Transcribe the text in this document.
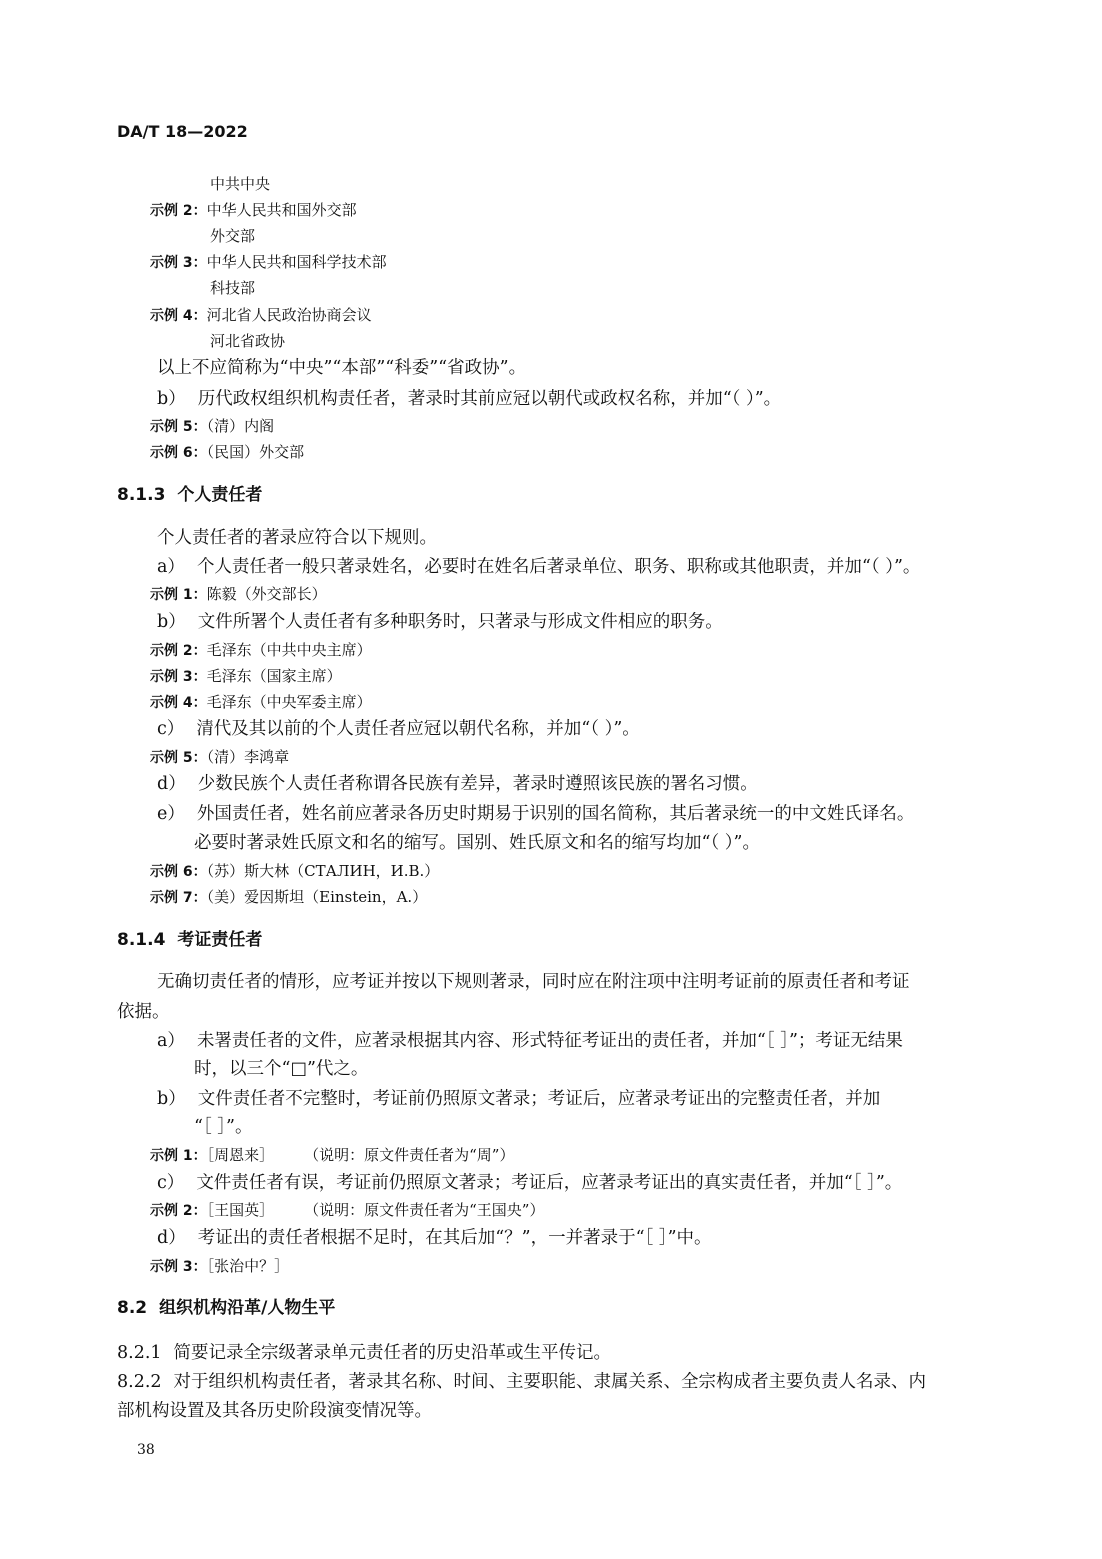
DA/T 18—2022
中共中央
示例 2：中华人民共和国外交部
外交部
示例 3：中华人民共和国科学技术部
科技部
示例 4：河北省人民政治协商会议
河北省政协
以上不应简称为“中央”“本部”“科委”“省政协”。
b） 历代政权组织机构责任者，著录时其前应冠以朝代或政权名称，并加“（ ）”。
示例 5：（清）内阁
示例 6：（民国）外交部
8.1.3 个人责任者
个人责任者的著录应符合以下规则。
a） 个人责任者一般只著录姓名，必要时在姓名后著录单位、职务、职称或其他职责，并加“（ ）”。
示例 1：陈毅（外交部长）
b） 文件所署个人责任者有多种职务时，只著录与形成文件相应的职务。
示例 2：毛泽东（中共中央主席）
示例 3：毛泽东（国家主席）
示例 4：毛泽东（中央军委主席）
c） 清代及其以前的个人责任者应冠以朝代名称，并加“（ ）”。
示例 5：（清）李鸿章
d） 少数民族个人责任者称谓各民族有差异，著录时遵照该民族的署名习惯。
e） 外国责任者，姓名前应著录各历史时期易于识别的国名简称，其后著录统一的中文姓氏译名。
必要时著录姓氏原文和名的缩写。国别、姓氏原文和名的缩写均加“（ ）”。
示例 6：（苏）斯大林（СТАЛИН，И.В.）
示例 7：（美）爱因斯坦（Einstein，A.）
8.1.4 考证责任者
无确切责任者的情形，应考证并按以下规则著录，同时应在附注项中注明考证前的原责任者和考证
依据。
a） 未署责任者的文件，应著录根据其内容、形式特征考证出的责任者，并加“［ ］”；考证无结果
时，以三个“□”代之。
b） 文件责任者不完整时，考证前仍照原文著录；考证后，应著录考证出的完整责任者，并加
“［ ］”。
示例 1：［周恩来］ （说明：原文件责任者为“周”）
c） 文件责任者有误，考证前仍照原文著录；考证后，应著录考证出的真实责任者，并加“［ ］”。
示例 2：［王国英］ （说明：原文件责任者为“王国央”）
d） 考证出的责任者根据不足时，在其后加“？”，一并著录于“［ ］”中。
示例 3：［张治中？］
8.2 组织机构沿革/人物生平
8.2.1 简要记录全宗级著录单元责任者的历史沿革或生平传记。
8.2.2 对于组织机构责任者，著录其名称、时间、主要职能、隶属关系、全宗构成者主要负责人名录、内
部机构设置及其各历史阶段演变情况等。
38
